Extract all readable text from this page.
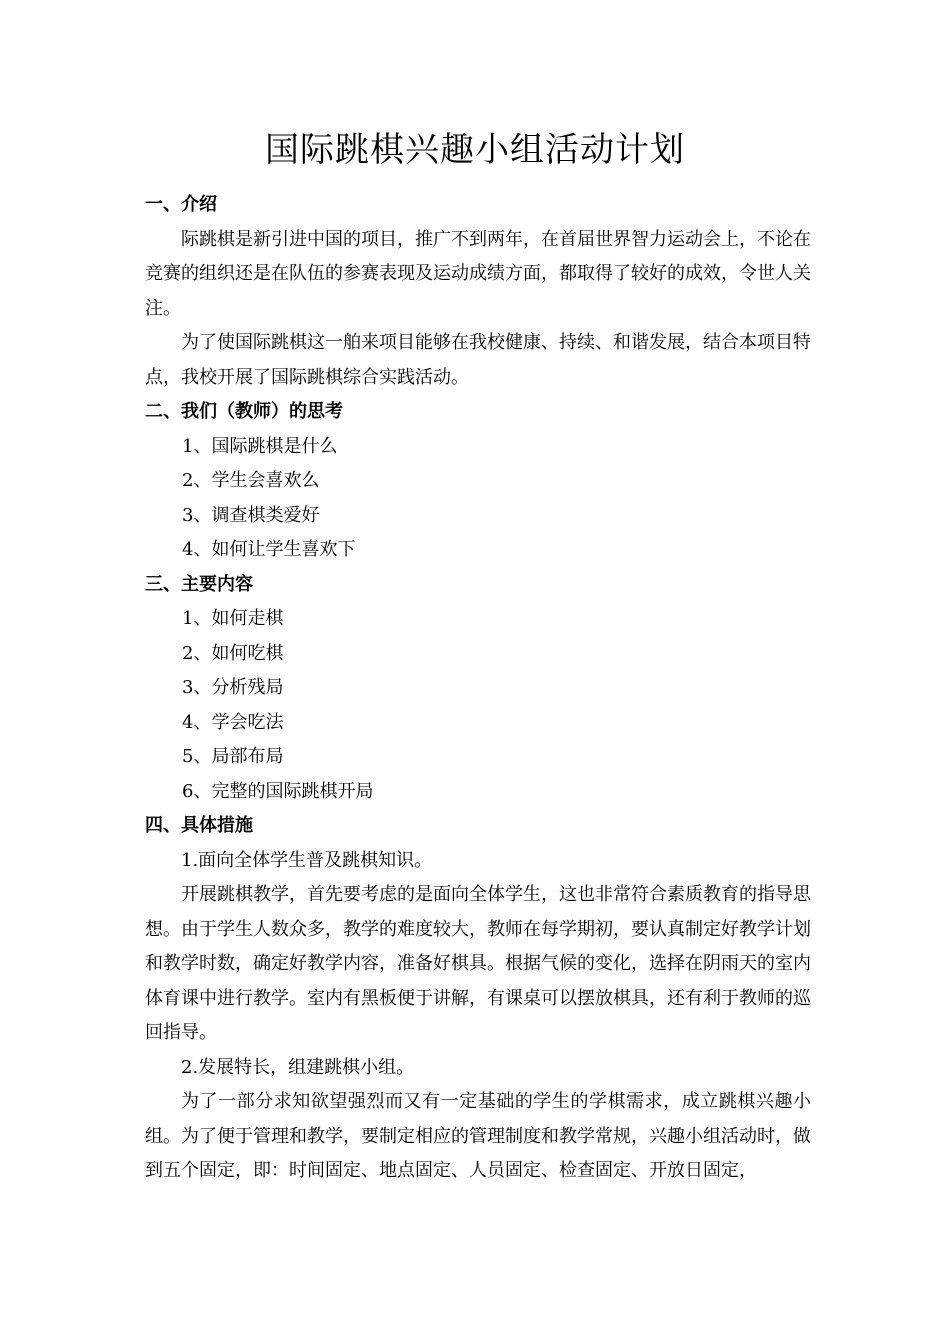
国际跳棋兴趣小组活动计划
一、介绍
际跳棋是新引进中国的项目，推广不到两年，在首届世界智力运动会上，不论在竞赛的组织还是在队伍的参赛表现及运动成绩方面，都取得了较好的成效，令世人关注。
为了使国际跳棋这一舶来项目能够在我校健康、持续、和谐发展，结合本项目特点，我校开展了国际跳棋综合实践活动。
二、我们（教师）的思考
1、国际跳棋是什么
2、学生会喜欢么
3、调查棋类爱好
4、如何让学生喜欢下
三、主要内容
1、如何走棋
2、如何吃棋
3、分析残局
4、学会吃法
5、局部布局
6、完整的国际跳棋开局
四、具体措施
1.面向全体学生普及跳棋知识。
开展跳棋教学，首先要考虑的是面向全体学生，这也非常符合素质教育的指导思想。由于学生人数众多，教学的难度较大，教师在每学期初，要认真制定好教学计划和教学时数，确定好教学内容，准备好棋具。根据气候的变化，选择在阴雨天的室内体育课中进行教学。室内有黑板便于讲解，有课桌可以摆放棋具，还有利于教师的巡回指导。
2.发展特长，组建跳棋小组。
为了一部分求知欲望强烈而又有一定基础的学生的学棋需求，成立跳棋兴趣小组。为了便于管理和教学，要制定相应的管理制度和教学常规，兴趣小组活动时，做到五个固定，即：时间固定、地点固定、人员固定、检查固定、开放日固定，
